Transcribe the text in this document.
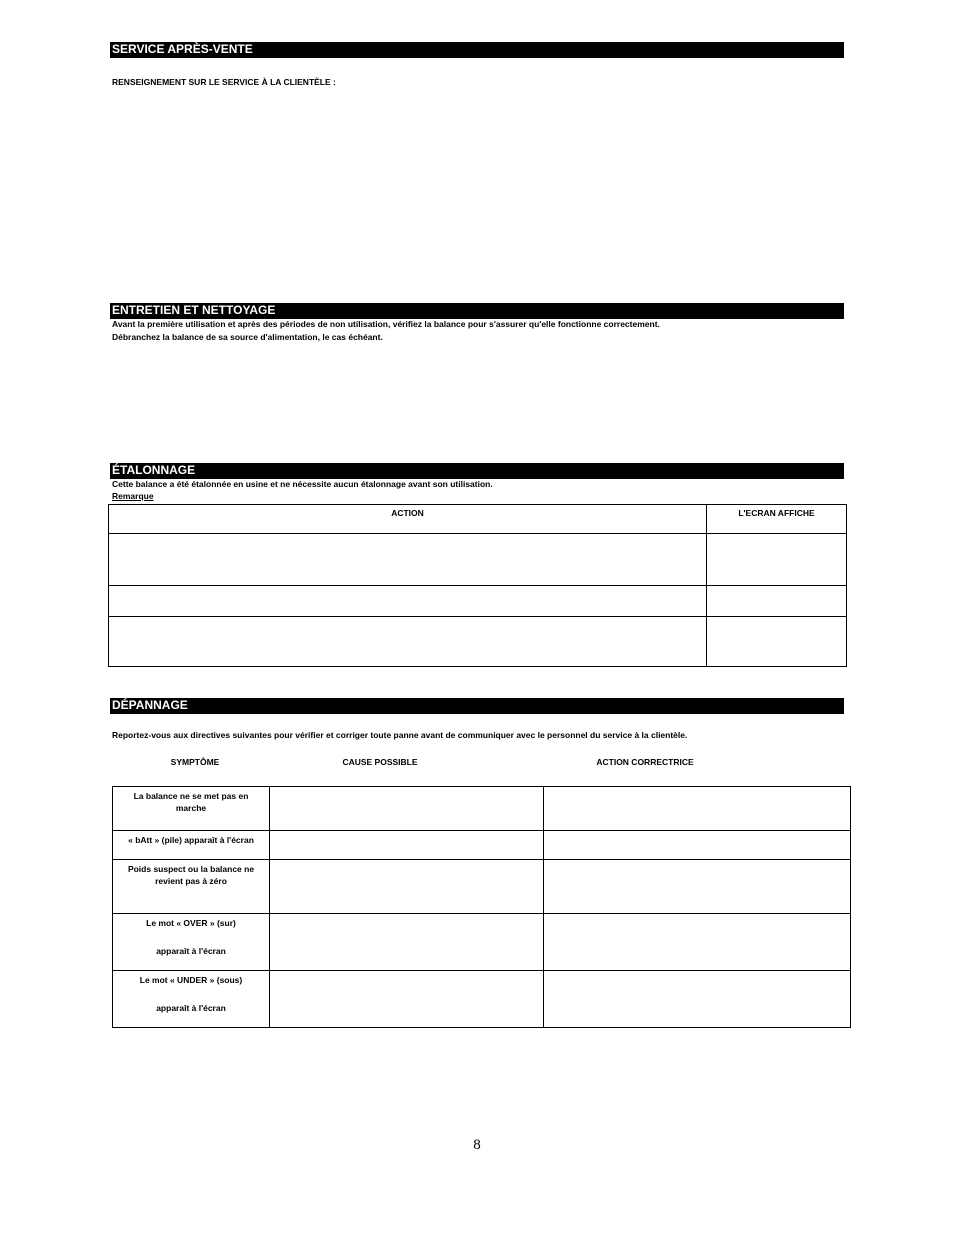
SERVICE APRÈS-VENTE
RENSEIGNEMENT SUR LE SERVICE À LA CLIENTÈLE :
ENTRETIEN ET NETTOYAGE
Avant la première utilisation et après des périodes de non utilisation, vérifiez la balance pour s'assurer qu'elle fonctionne correctement.
Débranchez la balance de sa source d'alimentation, le cas échéant.
ÉTALONNAGE
Cette balance a été étalonnée en usine et ne nécessite aucun étalonnage avant son utilisation.
Remarque
ACTION	L'ECRAN AFFICHE

DÉPANNAGE
Reportez-vous aux directives suivantes pour vérifier et corriger toute panne avant de communiquer avec le personnel du service à la clientèle.
SYMPTÔME	CAUSE POSSIBLE	ACTION CORRECTRICE
La balance ne se met pas en
marche		

« bAtt » (pile) apparaît à l'écran		

Poids suspect ou la balance ne
revient pas à zéro		

Le mot « OVER » (sur)
apparaît à l'écran		

Le mot « UNDER » (sous)
apparaît à l'écran		

8
